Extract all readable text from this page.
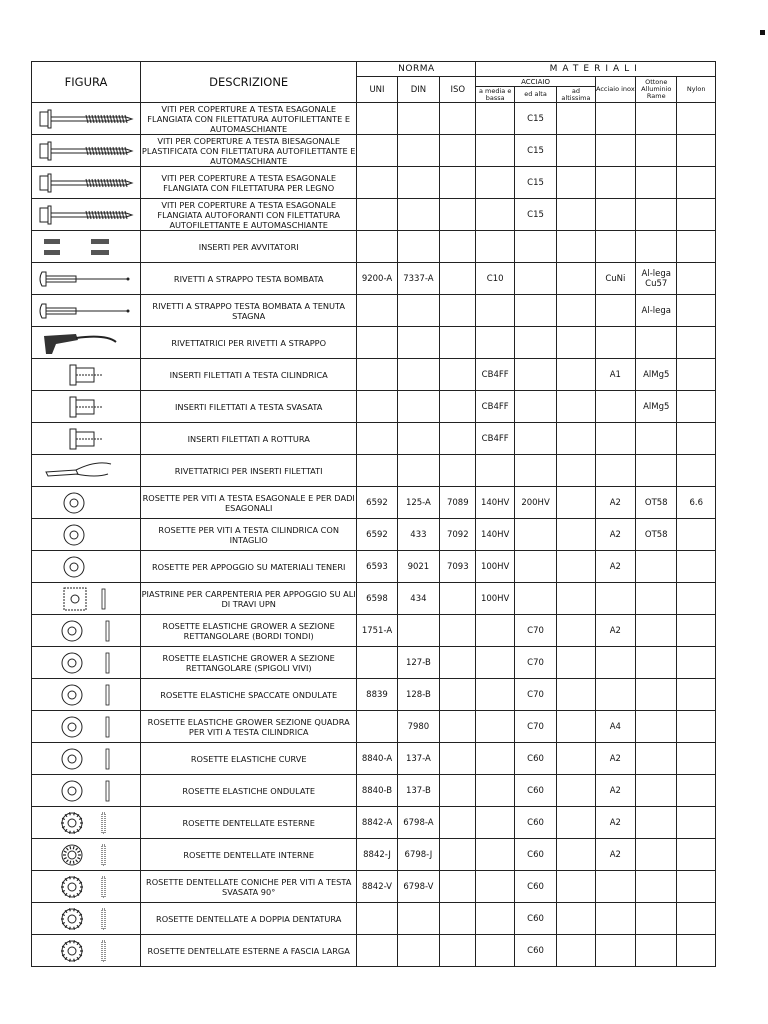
FIGURA	DESCRIZIONE	NORMA			MATERIALI					
		UNI	DIN	ISO	ACCIAIO			Acciaio inox	Ottone Alluminio Rame	Nylon
					a media e bassa	ed alta	ad altissima			

	VITI PER COPERTURE A TESTA ESAGONALE FLANGIATA CON FILETTATURA AUTOFILETTANTE E AUTOMASCHIANTE					C15				

	VITI PER COPERTURE A TESTA BIESAGONALE PLASTIFICATA CON FILETTATURA AUTOFILETTANTE E AUTOMASCHIANTE					C15				

	VITI PER COPERTURE A TESTA ESAGONALE FLANGIATA CON FILETTATURA PER LEGNO					C15				

	VITI PER COPERTURE A TESTA ESAGONALE FLANGIATA AUTOFORANTI CON FILETTATURA AUTOFILETTANTE E AUTOMASCHIANTE					C15				

	INSERTI PER AVVITATORI									

	RIVETTI A STRAPPO TESTA BOMBATA	9200-A	7337-A		C10			CuNi	Al-lega Cu57	

	RIVETTI A STRAPPO TESTA BOMBATA A TENUTA STAGNA								Al-lega	

	RIVETTATRICI PER RIVETTI A STRAPPO									

	INSERTI FILETTATI A TESTA CILINDRICA				CB4FF			A1	AlMg5	

	INSERTI FILETTATI A TESTA SVASATA				CB4FF				AlMg5	

	INSERTI FILETTATI A ROTTURA				CB4FF					

	RIVETTATRICI PER INSERTI FILETTATI									

	ROSETTE PER VITI A TESTA ESAGONALE E PER DADI ESAGONALI	6592	125-A	7089	140HV	200HV		A2	OT58	6.6

	ROSETTE PER VITI A TESTA CILINDRICA CON INTAGLIO	6592	433	7092	140HV			A2	OT58	

	ROSETTE PER APPOGGIO SU MATERIALI TENERI	6593	9021	7093	100HV			A2		

	PIASTRINE PER CARPENTERIA PER APPOGGIO SU ALI DI TRAVI UPN	6598	434		100HV					

	ROSETTE ELASTICHE GROWER A SEZIONE RETTANGOLARE (BORDI TONDI)	1751-A				C70		A2		

	ROSETTE ELASTICHE GROWER A SEZIONE RETTANGOLARE (SPIGOLI VIVI)		127-B			C70				

	ROSETTE ELASTICHE SPACCATE ONDULATE	8839	128-B			C70				

	ROSETTE ELASTICHE GROWER SEZIONE QUADRA PER VITI A TESTA CILINDRICA		7980			C70		A4		

	ROSETTE ELASTICHE CURVE	8840-A	137-A			C60		A2		

	ROSETTE ELASTICHE ONDULATE	8840-B	137-B			C60		A2		

	ROSETTE DENTELLATE ESTERNE	8842-A	6798-A			C60		A2		

	ROSETTE DENTELLATE INTERNE	8842-J	6798-J			C60		A2		

	ROSETTE DENTELLATE CONICHE PER VITI A TESTA SVASATA 90°	8842-V	6798-V			C60				

	ROSETTE DENTELLATE A DOPPIA DENTATURA					C60				

	ROSETTE DENTELLATE ESTERNE A FASCIA LARGA					C60				
